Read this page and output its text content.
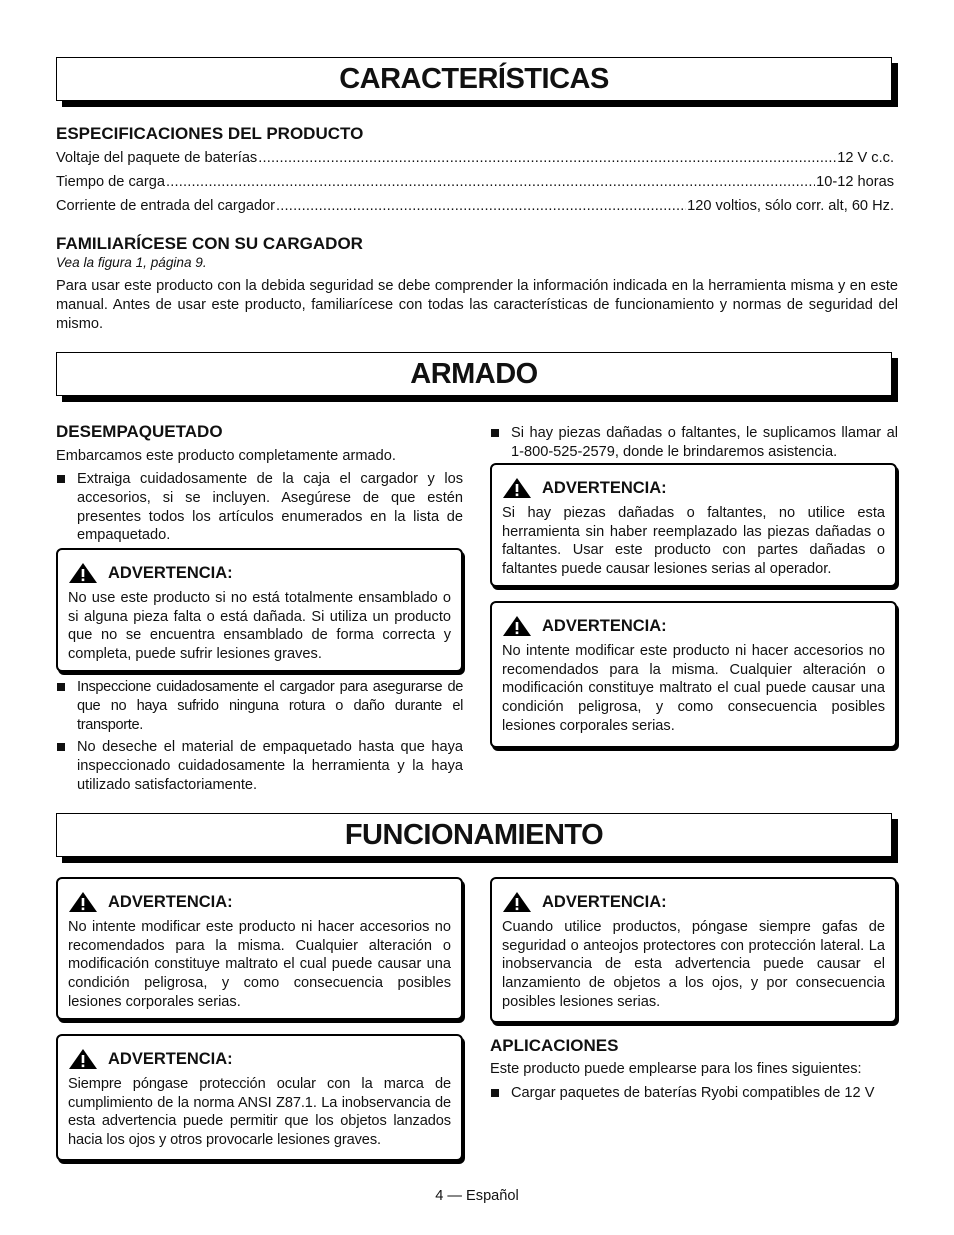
CARACTERÍSTICAS
ESPECIFICACIONES DEL PRODUCTO
Voltaje del paquete de baterías .....	12 V c.c.
Tiempo de carga .....	10-12 horas
Corriente de entrada del cargador .....	120 voltios, sólo corr. alt, 60 Hz.
FAMILIARÍCESE CON SU CARGADOR

Vea la figura 1, página 9.

Para usar este producto con la debida seguridad se debe comprender la información indicada en la herramienta misma y en este manual. Antes de usar este producto, familiarícese con todas las características de funcionamiento y normas de seguridad del mismo.

ARMADO
DESEMPAQUETADO

Embarcamos este producto completamente armado.

Extraiga cuidadosamente de la caja el cargador y los accesorios, si se incluyen. Asegúrese de que estén presentes todos los artículos enumerados en la lista de empaquetado.
ADVERTENCIA:

No use este producto si no está totalmente ensamblado o si alguna pieza falta o está dañada. Si utiliza un producto que no se encuentra ensamblado de forma correcta y completa, puede sufrir lesiones graves.

Inspeccione cuidadosamente el cargador para asegurarse de que no haya sufrido ninguna rotura o daño durante el transporte.
No deseche el material de empaquetado hasta que haya inspeccionado cuidadosamente la herramienta y la haya utilizado satisfactoriamente.
Si hay piezas dañadas o faltantes, le suplicamos llamar al 1-800-525-2579, donde le brindaremos asistencia.
ADVERTENCIA:

Si hay piezas dañadas o faltantes, no utilice esta herramienta sin haber reemplazado las piezas dañadas o faltantes. Usar este producto con partes dañadas o faltantes puede causar lesiones serias al operador.

ADVERTENCIA:

No intente modificar este producto ni hacer accesorios no recomendados para la misma. Cualquier alteración o modificación constituye maltrato el cual puede causar una condición peligrosa, y como consecuencia posibles lesiones corporales serias.

FUNCIONAMIENTO
ADVERTENCIA:

No intente modificar este producto ni hacer accesorios no recomendados para la misma. Cualquier alteración o modificación constituye maltrato el cual puede causar una condición peligrosa, y como consecuencia posibles lesiones corporales serias.

ADVERTENCIA:

Siempre póngase protección ocular con la marca de cumplimiento de la norma ANSI Z87.1. La inobservancia de esta advertencia puede permitir que los objetos lanzados hacia los ojos y otros provocarle lesiones graves.

ADVERTENCIA:

Cuando utilice productos, póngase siempre gafas de seguridad o anteojos protectores con protección lateral. La inobservancia de esta advertencia puede causar el lanzamiento de objetos a los ojos, y por consecuencia posibles lesiones serias.

APLICACIONES

Este producto puede emplearse para los fines siguientes:

Cargar paquetes de baterías Ryobi compatibles de 12 V
4 — Español
